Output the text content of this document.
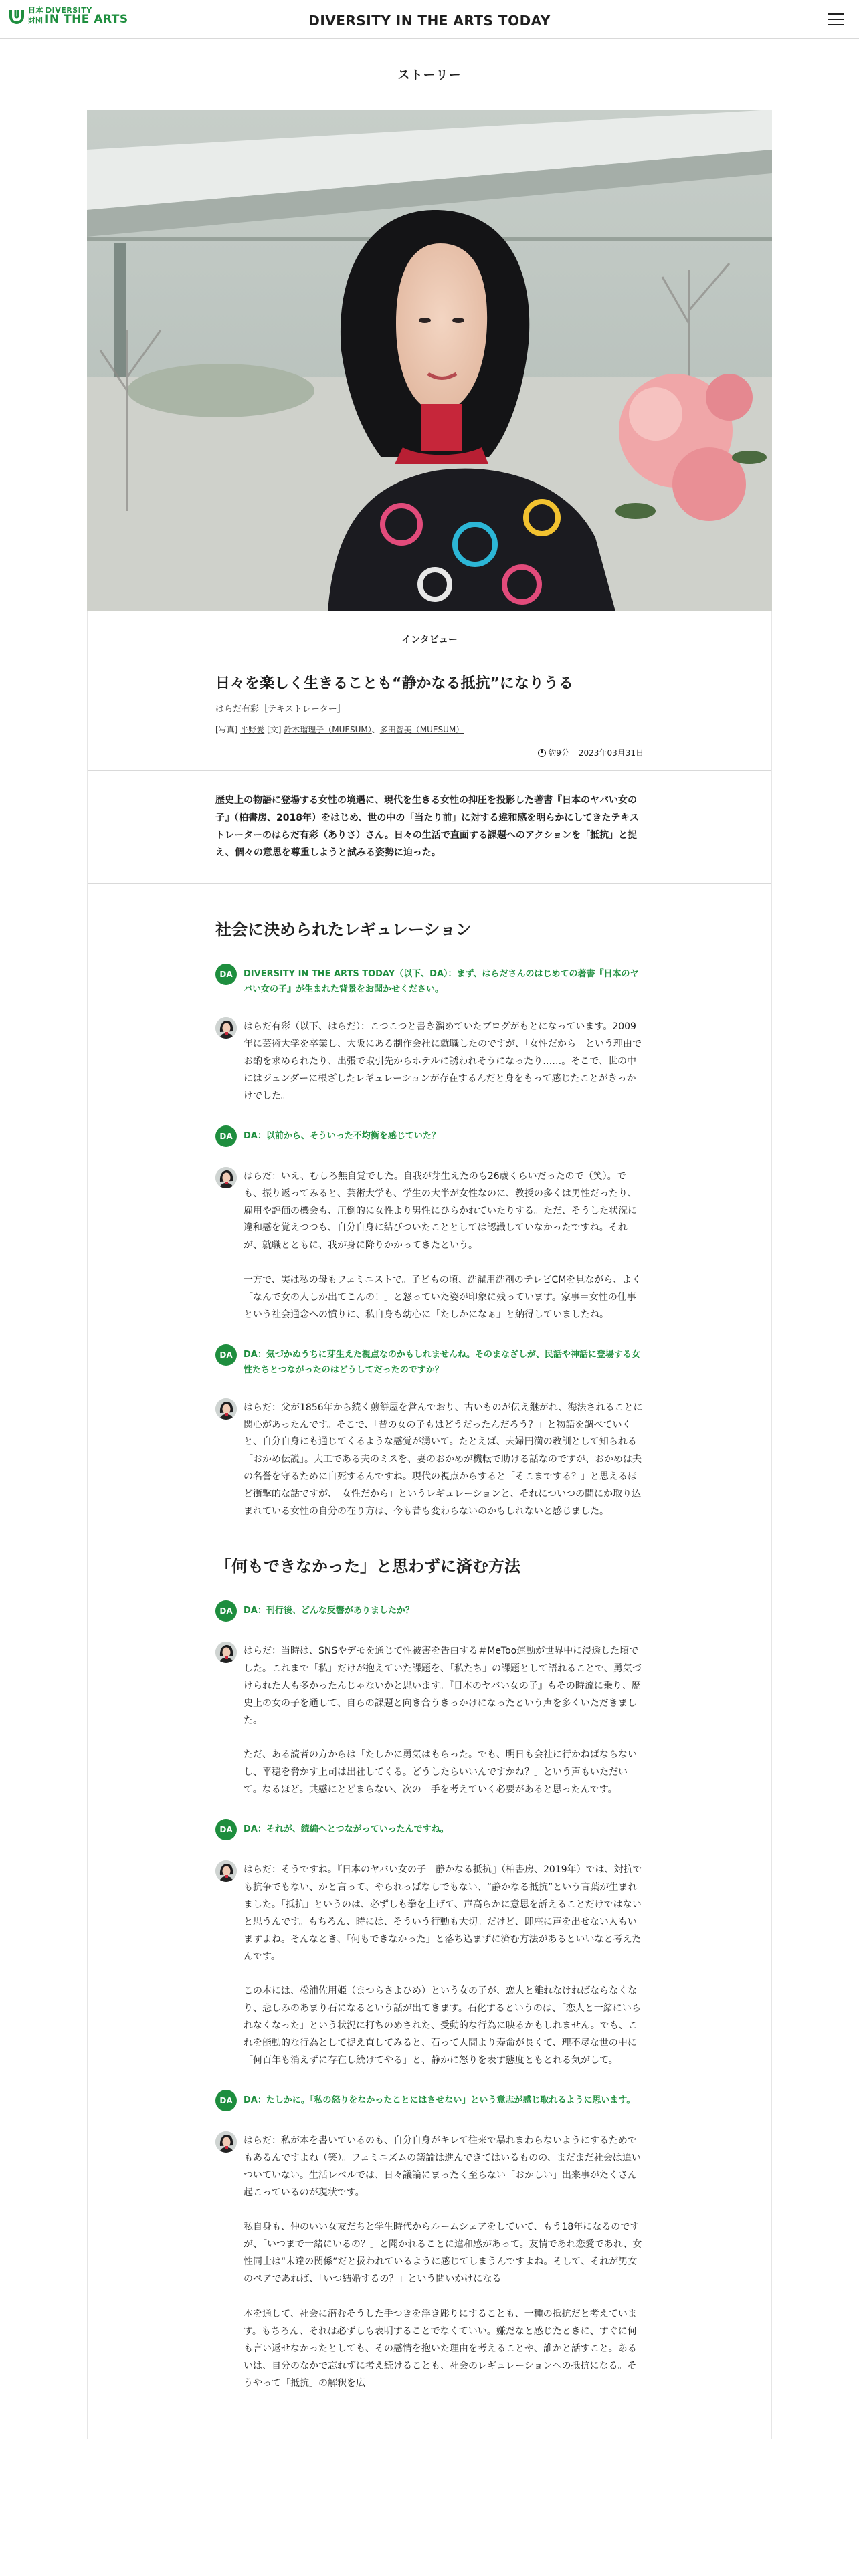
日本 DIVERSITY
財団 IN THE ARTS	DIVERSITY IN THE ARTS TODAY
ストーリー
インタビュー
日々を楽しく生きることも“静かなる抵抗”になりうる
はらだ有彩［テキストレーター］
[写真] 平野愛 [文] 鈴木瑠理子（MUESUM）、多田智美（MUESUM）
約9分 2023年03月31日
歴史上の物語に登場する女性の境遇に、現代を生きる女性の抑圧を投影した著書『日本のヤバい女の子』（柏書房、2018年）をはじめ、世の中の「当たり前」に対する違和感を明らかにしてきたテキストレーターのはらだ有彩（ありさ）さん。日々の生活で直面する課題へのアクションを「抵抗」と捉え、個々の意思を尊重しようと試みる姿勢に迫った。
社会に決められたレギュレーション
DA	DIVERSITY IN THE ARTS TODAY（以下、DA）：まず、はらださんのはじめての著書『日本のヤバい女の子』が生まれた背景をお聞かせください。

はらだ有彩（以下、はらだ）：こつこつと書き溜めていたブログがもとになっています。2009年に芸術大学を卒業し、大阪にある制作会社に就職したのですが、「女性だから」という理由でお酌を求められたり、出張で取引先からホテルに誘われそうになったり……。そこで、世の中にはジェンダーに根ざしたレギュレーションが存在するんだと身をもって感じたことがきっかけでした。

DA	DA：以前から、そういった不均衡を感じていた？

はらだ：いえ、むしろ無自覚でした。自我が芽生えたのも26歳くらいだったので（笑）。でも、振り返ってみると、芸術大学も、学生の大半が女性なのに、教授の多くは男性だったり、雇用や評価の機会も、圧倒的に女性より男性にひらかれていたりする。ただ、そうした状況に違和感を覚えつつも、自分自身に結びついたこととしては認識していなかったですね。それが、就職とともに、我が身に降りかかってきたという。

一方で、実は私の母もフェミニストで。子どもの頃、洗濯用洗剤のテレビCMを見ながら、よく「なんで女の人しか出てこんの！」と怒っていた姿が印象に残っています。家事＝女性の仕事という社会通念への憤りに、私自身も幼心に「たしかになぁ」と納得していましたね。

DA	DA：気づかぬうちに芽生えた視点なのかもしれませんね。そのまなざしが、民話や神話に登場する女性たちとつながったのはどうしてだったのですか？

はらだ：父が1856年から続く煎餅屋を営んでおり、古いものが伝え継がれ、海法されることに関心があったんです。そこで、「昔の女の子もはどうだったんだろう？」と物語を調べていくと、自分自身にも通じてくるような感覚が湧いて。たとえば、夫婦円満の教訓として知られる「おかめ伝説」。大工である夫のミスを、妻のおかめが機転で助ける話なのですが、おかめは夫の名誉を守るために自死するんですね。現代の視点からすると「そこまでする？」と思えるほど衝撃的な話ですが、「女性だから」というレギュレーションと、それについつの間にか取り込まれている女性の自分の在り方は、今も昔も変わらないのかもしれないと感じました。

「何もできなかった」と思わずに済む方法
DA	DA：刊行後、どんな反響がありましたか？

はらだ：当時は、SNSやデモを通じて性被害を告白する＃MeToo運動が世界中に浸透した頃でした。これまで「私」だけが抱えていた課題を、「私たち」の課題として語れることで、勇気づけられた人も多かったんじゃないかと思います。『日本のヤバい女の子』もその時流に乗り、歴史上の女の子を通して、自らの課題と向き合うきっかけになったという声を多くいただきました。

ただ、ある読者の方からは「たしかに勇気はもらった。でも、明日も会社に行かねばならないし、平穏を脅かす上司は出社してくる。どうしたらいいんですかね？」という声もいただいて。なるほど。共感にとどまらない、次の一手を考えていく必要があると思ったんです。

DA	DA：それが、続編へとつながっていったんですね。

はらだ：そうですね。『日本のヤバい女の子　静かなる抵抗』（柏書房、2019年）では、対抗でも抗争でもない、かと言って、やられっぱなしでもない、“静かなる抵抗”という言葉が生まれました。「抵抗」というのは、必ずしも拳を上げて、声高らかに意思を訴えることだけではないと思うんです。もちろん、時には、そういう行動も大切。だけど、即座に声を出せない人もいますよね。そんなとき、「何もできなかった」と落ち込まずに済む方法があるといいなと考えたんです。

この本には、松浦佐用姫（まつらさよひめ）という女の子が、恋人と離れなければならなくなり、悲しみのあまり石になるという話が出てきます。石化するというのは、「恋人と一緒にいられなくなった」という状況に打ちのめされた、受動的な行為に映るかもしれません。でも、これを能動的な行為として捉え直してみると、石って人間より寿命が長くて、理不尽な世の中に「何百年も消えずに存在し続けてやる」と、静かに怒りを表す態度ともとれる気がして。

DA	DA：たしかに。「私の怒りをなかったことにはさせない」という意志が感じ取れるように思います。

はらだ：私が本を書いているのも、自分自身がキレて往来で暴れまわらないようにするためでもあるんですよね（笑）。フェミニズムの議論は進んできてはいるものの、まだまだ社会は追いついていない。生活レベルでは、日々議論にまったく至らない「おかしい」出来事がたくさん起こっているのが現状です。

私自身も、仲のいい女友だちと学生時代からルームシェアをしていて、もう18年になるのですが、「いつまで一緒にいるの？」と聞かれることに違和感があって。友情であれ恋愛であれ、女性同士は“未達の関係”だと扱われているように感じてしまうんですよね。そして、それが男女のペアであれば、「いつ結婚するの？」という問いかけになる。

本を通して、社会に潜むそうした手つきを浮き彫りにすることも、一種の抵抗だと考えています。もちろん、それは必ずしも表明することでなくていい。嫌だなと感じたときに、すぐに何も言い返せなかったとしても、その感情を抱いた理由を考えることや、誰かと話すこと。あるいは、自分のなかで忘れずに考え続けることも、社会のレギュレーションへの抵抗になる。そうやって「抵抗」の解釈を広
